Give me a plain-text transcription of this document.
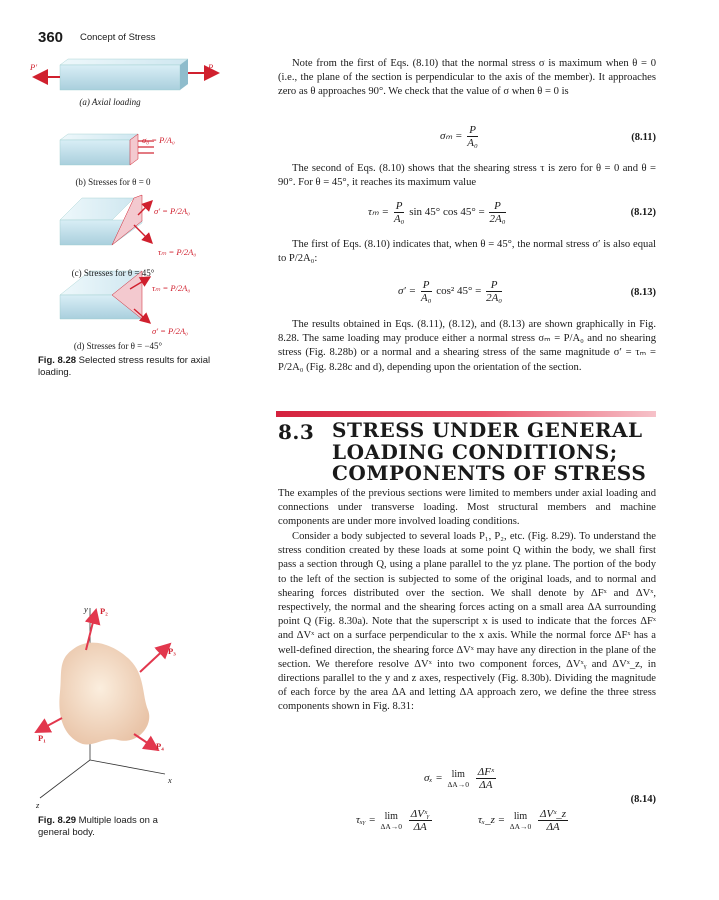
360 Concept of Stress
P′	P
(a) Axial loading
σ₀ = P/A₀
(b) Stresses for θ = 0
σ′ = P/2A₀
τₘ = P/2A₀
(c) Stresses for θ = 45°
τₘ = P/2A₀
σ′ = P/2A₀
(d) Stresses for θ = −45°
Fig. 8.28 Selected stress results for axial loading.
y
x
z
P₂
P₃
P₁
P₄
Fig. 8.29 Multiple loads on a general body.
Note from the first of Eqs. (8.10) that the normal stress σ is maximum when θ = 0 (i.e., the plane of the section is perpendicular to the axis of the member). It approaches zero as θ approaches 90°. We check that the value of σ when θ = 0 is
$\sigma_m = \frac{P}{\text{A₀}}$	(8.11)
The second of Eqs. (8.10) shows that the shearing stress τ is zero for θ = 0 and θ = 90°. For θ = 45°, it reaches its maximum value
$\tau_m = \frac{P}{\text{A₀}}$ sin 45° $\cos 45^\circ = \frac{P}{\text{2A₀}}$	(8.12)
The first of Eqs. (8.10) indicates that, when θ = 45°, the normal stress σ′ is also equal to P/2A₀:
$\sigma' = \frac{P}{\text{A₀}} \cos^2$ $45^\circ = \frac{P}{\text{2A₀}}$	(8.13)
The results obtained in Eqs. (8.11), (8.12), and (8.13) are shown graphically in Fig. 8.28. The same loading may produce either a normal stress σₘ = P/A₀ and no shearing stress (Fig. 8.28b) or a normal and a shearing stress of the same magnitude σ′ = τₘ = P/2A₀ (Fig. 8.28c and d), depending upon the orientation of the section.
8.3 STRESS UNDER GENERAL LOADING CONDITIONS; COMPONENTS OF STRESS
The examples of the previous sections were limited to members under axial loading and connections under transverse loading. Most structural members and machine components are under more involved loading conditions.
Consider a body subjected to several loads P₁, P₂, etc. (Fig. 8.29). To understand the stress condition created by these loads at some point Q within the body, we shall first pass a section through Q, using a plane parallel to the yz plane. The portion of the body to the left of the section is subjected to some of the original loads, and to normal and shearing forces distributed over the section. We shall denote by ΔFˣ and ΔVˣ, respectively, the normal and the shearing forces acting on a small area ΔA surrounding point Q (Fig. 8.30a). Note that the superscript x is used to indicate that the forces ΔFˣ and ΔVˣ act on a surface perpendicular to the x axis. While the normal force ΔFˣ has a well-defined direction, the shearing force ΔVˣ may have any direction in the plane of the section. We therefore resolve ΔVˣ into two component forces, ΔVˣᵧ and ΔVˣ_z, in directions parallel to the y and z axes, respectively (Fig. 8.30b). Dividing the magnitude of each force by the area ΔA and letting ΔA approach zero, we define the three stress components shown in Fig. 8.31:
σₓ = lim
ΔA→0
$\frac{\text{ΔFˣ}}{\Delta A}$
(8.14)
τₓᵧ = lim
ΔA→0
$\frac{\text{ΔVˣᵧ}}{\Delta A}$	τₓ_z = lim
ΔA→0
$\frac{\text{ΔVˣ\_z}}{\Delta A}$
